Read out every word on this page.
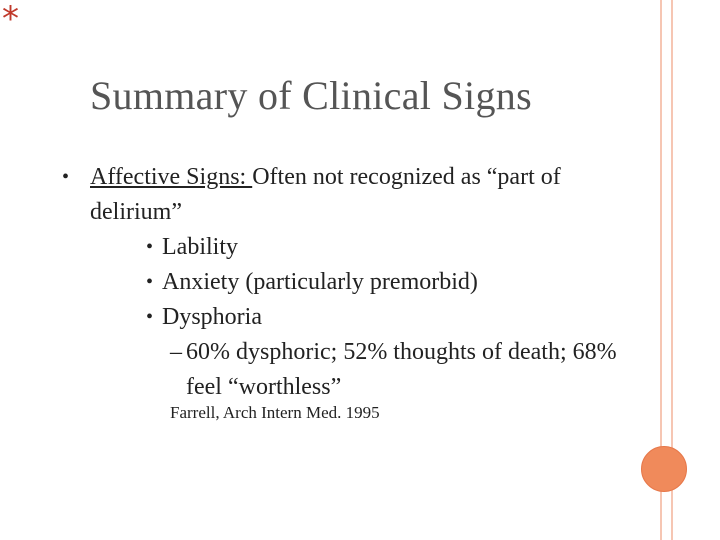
*
Summary of Clinical Signs
• Affective Signs: Often not recognized as “part of delirium”
• Lability
• Anxiety (particularly premorbid)
• Dysphoria
– 60% dysphoric; 52% thoughts of death; 68% feel “worthless”
Farrell, Arch Intern Med. 1995
